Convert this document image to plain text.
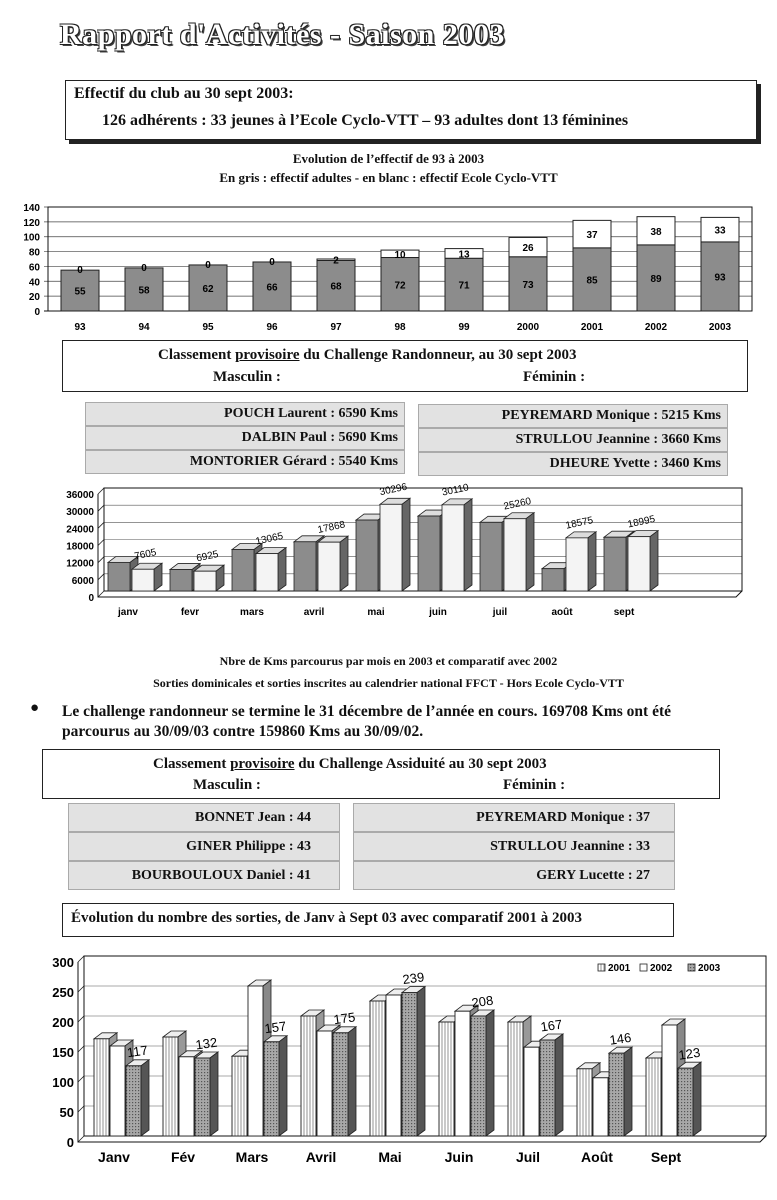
Rapport d'Activités - Saison 2003
Effectif du club au 30 sept 2003:
126 adhérents : 33 jeunes à l’Ecole Cyclo-VTT – 93 adultes dont 13 féminines
Evolution de l’effectif de 93 à 2003
En gris : effectif adultes - en blanc : effectif Ecole Cyclo-VTT
0
20
40
60
80
100
120
140
55
0
93
58
0
94
62
0
95
66
0
96
68
2
97
72
10
98
71
13
99
73
26
2000
85
37
2001
89
38
2002
93
33
2003
Classement provisoire du Challenge Randonneur, au 30 sept 2003
Masculin :	Féminin :
POUCH Laurent : 6590 Kms
DALBIN Paul : 5690 Kms
MONTORIER Gérard : 5540 Kms
PEYREMARD Monique : 5215 Kms
STRULLOU Jeannine : 3660 Kms
DHEURE Yvette : 3460 Kms
0
6000
12000
18000
24000
30000
36000
7605
janv
6925
fevr
13065
mars
17868
avril
30296
mai
30110
juin
25260
juil
18575
août
18995
sept
Nbre de Kms parcourus par mois en 2003 et comparatif avec 2002
Sorties dominicales et sorties inscrites au calendrier national FFCT - Hors Ecole Cyclo-VTT
● Le challenge randonneur se termine le 31 décembre de l’année en cours. 169708 Kms ont été
parcourus au 30/09/03 contre 159860 Kms au 30/09/02.
Classement provisoire du Challenge Assiduité au 30 sept 2003
Masculin :	Féminin :
BONNET Jean : 44
GINER Philippe : 43
BOURBOULOUX Daniel : 41
PEYREMARD Monique : 37
STRULLOU Jeannine : 33
GERY Lucette : 27
Évolution du nombre des sorties, de Janv à Sept 03 avec comparatif 2001 à 2003
0
50
100
150
200
250
300	2001 2002	2003
117
Janv
132
Fév
157
Mars
175
Avril
239
Mai
208
Juin
167
Juil
146
Août
123
Sept
